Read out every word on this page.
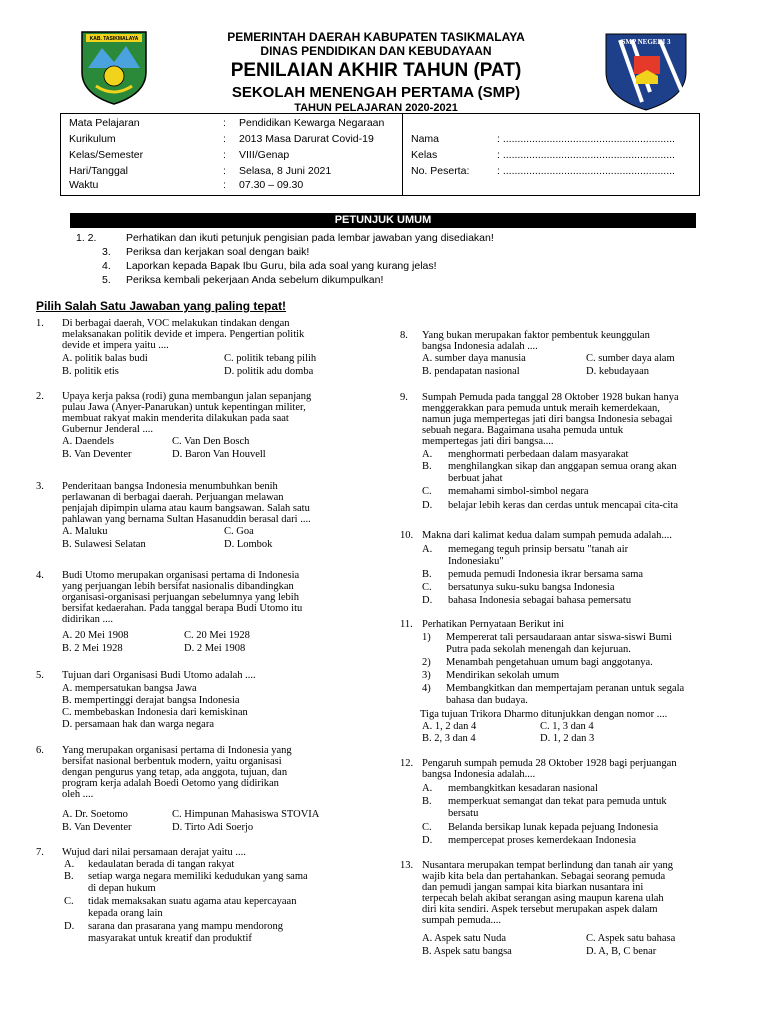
KAB. TASIKMALAYA	PEMERINTAH DAERAH KABUPATEN TASIKMALAYA
DINAS PENDIDIKAN DAN KEBUDAYAAN
PENILAIAN AKHIR TAHUN (PAT)
SEKOLAH MENENGAH PERTAMA (SMP)
TAHUN PELAJARAN 2020-2021
SMP NEGERI 3
Mata Pelajaran	: Pendidikan Kewarga Negaraan
Kurikulum	: 2013 Masa Darurat Covid-19
Kelas/Semester	: VIII/Genap
Hari/Tanggal	: Selasa, 8 Juni 2021
Waktu	: 07.30 – 09.30
Nama	: ...........................................................
Kelas	: ...........................................................
No. Peserta:	: ...........................................................
PETUNJUK UMUM
1. 2.	Perhatikan dan ikuti petunjuk pengisian pada lembar jawaban yang disediakan!
3. Periksa dan kerjakan soal dengan baik!
4. Laporkan kepada Bapak Ibu Guru, bila ada soal yang kurang jelas!
5. Periksa kembali pekerjaan Anda sebelum dikumpulkan!
Pilih Salah Satu Jawaban yang paling tepat!
1. Di berbagai daerah, VOC melakukan tindakan dengan
melaksanakan politik devide et impera. Pengertian politik
devide et impera yaitu ....
A. politik balas budi	C. politik tebang pilih
B. politik etis	D. politik adu domba
2. Upaya kerja paksa (rodi) guna membangun jalan sepanjang
pulau Jawa (Anyer-Panarukan) untuk kepentingan militer,
membuat rakyat makin menderita dilakukan pada saat
Gubernur Jenderal ....
A. Daendels	C. Van Den Bosch
B. Van Deventer	D. Baron Van Houvell
3. Penderitaan bangsa Indonesia menumbuhkan benih
perlawanan di berbagai daerah. Perjuangan melawan
penjajah dipimpin ulama atau kaum bangsawan. Salah satu
pahlawan yang bernama Sultan Hasanuddin berasal dari ....
A. Maluku	C. Goa
B. Sulawesi Selatan	D. Lombok
4. Budi Utomo merupakan organisasi pertama di Indonesia
yang perjuangan lebih bersifat nasionalis dibandingkan
organisasi-organisasi perjuangan sebelumnya yang lebih
bersifat kedaerahan. Pada tanggal berapa Budi Utomo itu
didirikan ....
A. 20 Mei 1908	C. 20 Mei 1928
B. 2 Mei 1928	D. 2 Mei 1908
5. Tujuan dari Organisasi Budi Utomo adalah ....
A. mempersatukan bangsa Jawa
B. mempertinggi derajat bangsa Indonesia
C. membebaskan Indonesia dari kemiskinan
D. persamaan hak dan warga negara
6. Yang merupakan organisasi pertama di Indonesia yang
bersifat nasional berbentuk modern, yaitu organisasi
dengan pengurus yang tetap, ada anggota, tujuan, dan
program kerja adalah Boedi Oetomo yang didirikan
oleh ....
A. Dr. Soetomo	C. Himpunan Mahasiswa STOVIA
B. Van Deventer	D. Tirto Adi Soerjo
7. Wujud dari nilai persamaan derajat yaitu ....
A. kedaulatan berada di tangan rakyat
B. setiap warga negara memiliki kedudukan yang sama
di depan hukum
C. tidak memaksakan suatu agama atau kepercayaan
kepada orang lain
D. sarana dan prasarana yang mampu mendorong
masyarakat untuk kreatif dan produktif
8. Yang bukan merupakan faktor pembentuk keunggulan
bangsa Indonesia adalah ....
A. sumber daya manusia	C. sumber daya alam
B. pendapatan nasional	D. kebudayaan
9. Sumpah Pemuda pada tanggal 28 Oktober 1928 bukan hanya
menggerakkan para pemuda untuk meraih kemerdekaan,
namun juga mempertegas jati diri bangsa Indonesia sebagai
sebuah negara. Bagaimana usaha pemuda untuk
mempertegas jati diri bangsa....
A. menghormati perbedaan dalam masyarakat
B. menghilangkan sikap dan anggapan semua orang akan
berbuat jahat
C. memahami simbol-simbol negara
D. belajar lebih keras dan cerdas untuk mencapai cita-cita
10. Makna dari kalimat kedua dalam sumpah pemuda adalah....
A. memegang teguh prinsip bersatu "tanah air
Indonesiaku"
B. pemuda pemudi Indonesia ikrar bersama sama
C. bersatunya suku-suku bangsa Indonesia
D. bahasa Indonesia sebagai bahasa pemersatu
11. Perhatikan Pernyataan Berikut ini
1) Mempererat tali persaudaraan antar siswa-siswi Bumi
Putra pada sekolah menengah dan kejuruan.
2) Menambah pengetahuan umum bagi anggotanya.
3) Mendirikan sekolah umum
4) Membangkitkan dan mempertajam peranan untuk segala
bahasa dan budaya.
Tiga tujuan Trikora Dharmo ditunjukkan dengan nomor ....
A. 1, 2 dan 4	C. 1, 3 dan 4
B. 2, 3 dan 4	D. 1, 2 dan 3
12. Pengaruh sumpah pemuda 28 Oktober 1928 bagi perjuangan
bangsa Indonesia adalah....
A. membangkitkan kesadaran nasional
B. memperkuat semangat dan tekat para pemuda untuk
bersatu
C. Belanda bersikap lunak kepada pejuang Indonesia
D. mempercepat proses kemerdekaan Indonesia
13. Nusantara merupakan tempat berlindung dan tanah air yang
wajib kita bela dan pertahankan. Sebagai seorang pemuda
dan pemudi jangan sampai kita biarkan nusantara ini
terpecah belah akibat serangan asing maupun karena ulah
diri kita sendiri. Aspek tersebut merupakan aspek dalam
sumpah pemuda....
A. Aspek satu Nuda	C. Aspek satu bahasa
B. Aspek satu bangsa	D. A, B, C benar
